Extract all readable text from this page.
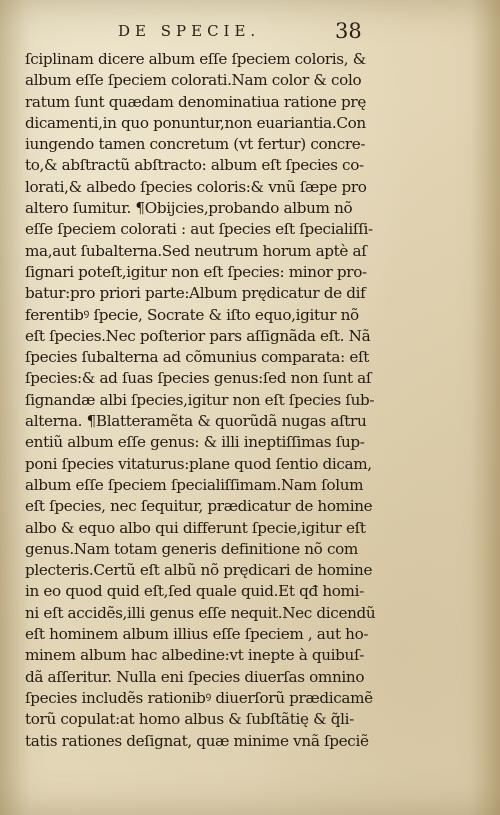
DE SPECIE.	38
ſciplinam dicere album eſſe ſpeciem coloris, &
album eſſe ſpeciem colorati.Nam color & colo
ratum ſunt quædam denominatiua ratione prę
dicamenti,in quo ponuntur,non euariantia.Con
iungendo tamen concretum (vt fertur) concre-
to,& abſtractũ abſtracto: album eſt ſpecies co-
lorati,& albedo ſpecies coloris:& vnũ ſæpe pro
altero ſumitur. ¶Obijcies,probando album nõ
eſſe ſpeciem colorati : aut ſpecies eſt ſpecialiſſi-
ma,aut ſubalterna.Sed neutrum horum aptè aſ
ſignari poteſt,igitur non eſt ſpecies: minor pro-
batur:pro priori parte:Album prędicatur de dif
ferentibꝰ ſpecie, Socrate & iſto equo,igitur nõ
eſt ſpecies.Nec poſterior pars aſſignãda eſt. Nã
ſpecies ſubalterna ad cõmunius comparata: eſt
ſpecies:& ad ſuas ſpecies genus:ſed non ſunt aſ
ſignandæ albi ſpecies,igitur non eſt ſpecies ſub-
alterna. ¶Blatteramẽta & quorũdã nugas aſtru
entiũ album eſſe genus: & illi ineptiſſimas ſup-
poni ſpecies vitaturus:plane quod ſentio dicam,
album eſſe ſpeciem ſpecialiſſimam.Nam ſolum
eſt ſpecies, nec ſequitur, prædicatur de homine
albo & equo albo qui differunt ſpecie,igitur eſt
genus.Nam totam generis definitione nõ com
plecteris.Certũ eſt albũ nõ prędicari de homine
in eo quod quid eſt,ſed quale quid.Et qđ homi-
ni eſt accidẽs,illi genus eſſe nequit.Nec dicendũ
eſt hominem album illius eſſe ſpeciem , aut ho-
minem album hac albedine:vt inepte à quibuſ-
dã aſſeritur. Nulla eni ſpecies diuerſas omnino
ſpecies includẽs rationibꝰ diuerſorũ prædicamẽ
torũ copulat:at homo albus & ſubſtãtię & q̃li-
tatis rationes deſignat, quæ minime vnã ſpeciẽ
